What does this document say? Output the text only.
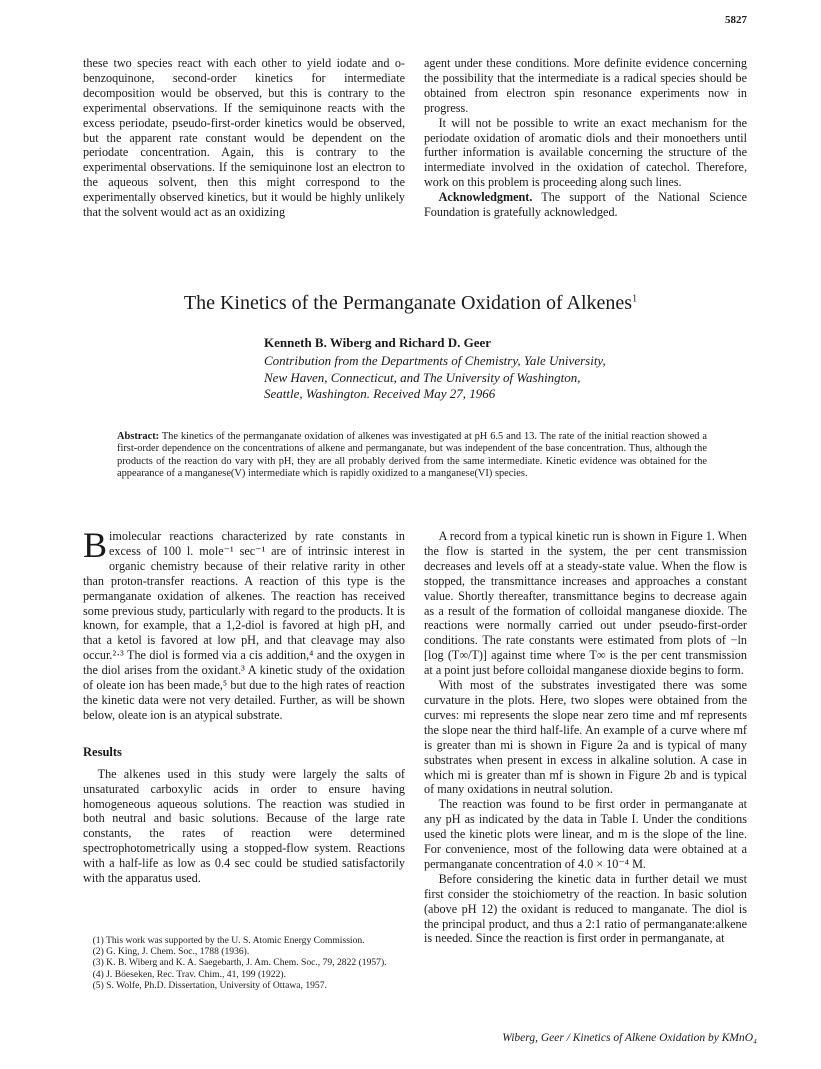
5827

these two species react with each other to yield iodate and o-benzoquinone, second-order kinetics for intermediate decomposition would be observed, but this is contrary to the experimental observations. If the semiquinone reacts with the excess periodate, pseudo-first-order kinetics would be observed, but the apparent rate constant would be dependent on the periodate concentration. Again, this is contrary to the experimental observations. If the semiquinone lost an electron to the aqueous solvent, then this might correspond to the experimentally observed kinetics, but it would be highly unlikely that the solvent would act as an oxidizing

agent under these conditions. More definite evidence concerning the possibility that the intermediate is a radical species should be obtained from electron spin resonance experiments now in progress.

It will not be possible to write an exact mechanism for the periodate oxidation of aromatic diols and their monoethers until further information is available concerning the structure of the intermediate involved in the oxidation of catechol. Therefore, work on this problem is proceeding along such lines.

Acknowledgment. The support of the National Science Foundation is gratefully acknowledged.

The Kinetics of the Permanganate Oxidation of Alkenes$^1$
Kenneth B. Wiberg and Richard D. Geer
Contribution from the Departments of Chemistry, Yale University,
New Haven, Connecticut, and The University of Washington,
Seattle, Washington. Received May 27, 1966

Abstract: The kinetics of the permanganate oxidation of alkenes was investigated at pH 6.5 and 13. The rate of the initial reaction showed a first-order dependence on the concentrations of alkene and permanganate, but was independent of the base concentration. Thus, although the products of the reaction do vary with pH, they are all probably derived from the same intermediate. Kinetic evidence was obtained for the appearance of a manganese(V) intermediate which is rapidly oxidized to a manganese(VI) species.

Bimolecular reactions characterized by rate constants in excess of 100 l. mole⁻¹ sec⁻¹ are of intrinsic interest in organic chemistry because of their relative rarity in other than proton-transfer reactions. A reaction of this type is the permanganate oxidation of alkenes. The reaction has received some previous study, particularly with regard to the products. It is known, for example, that a 1,2-diol is favored at high pH, and that a ketol is favored at low pH, and that cleavage may also occur.²·³ The diol is formed via a cis addition,⁴ and the oxygen in the diol arises from the oxidant.³ A kinetic study of the oxidation of oleate ion has been made,⁵ but due to the high rates of reaction the kinetic data were not very detailed. Further, as will be shown below, oleate ion is an atypical substrate.

Results

The alkenes used in this study were largely the salts of unsaturated carboxylic acids in order to ensure having homogeneous aqueous solutions. The reaction was studied in both neutral and basic solutions. Because of the large rate constants, the rates of reaction were determined spectrophotometrically using a stopped-flow system. Reactions with a half-life as low as 0.4 sec could be studied satisfactorily with the apparatus used.

(1) This work was supported by the U. S. Atomic Energy Commission.
(2) G. King, J. Chem. Soc., 1788 (1936).
(3) K. B. Wiberg and K. A. Saegebarth, J. Am. Chem. Soc., 79, 2822 (1957).
(4) J. Böeseken, Rec. Trav. Chim., 41, 199 (1922).
(5) S. Wolfe, Ph.D. Dissertation, University of Ottawa, 1957.

A record from a typical kinetic run is shown in Figure 1. When the flow is started in the system, the per cent transmission decreases and levels off at a steady-state value. When the flow is stopped, the transmittance increases and approaches a constant value. Shortly thereafter, transmittance begins to decrease again as a result of the formation of colloidal manganese dioxide. The reactions were normally carried out under pseudo-first-order conditions. The rate constants were estimated from plots of −ln [log (T∞/T)] against time where T∞ is the per cent transmission at a point just before colloidal manganese dioxide begins to form.

With most of the substrates investigated there was some curvature in the plots. Here, two slopes were obtained from the curves: mi represents the slope near zero time and mf represents the slope near the third half-life. An example of a curve where mf is greater than mi is shown in Figure 2a and is typical of many substrates when present in excess in alkaline solution. A case in which mi is greater than mf is shown in Figure 2b and is typical of many oxidations in neutral solution.

The reaction was found to be first order in permanganate at any pH as indicated by the data in Table I. Under the conditions used the kinetic plots were linear, and m is the slope of the line. For convenience, most of the following data were obtained at a permanganate concentration of 4.0 × 10⁻⁴ M.

Before considering the kinetic data in further detail we must first consider the stoichiometry of the reaction. In basic solution (above pH 12) the oxidant is reduced to manganate. The diol is the principal product, and thus a 2:1 ratio of permanganate:alkene is needed. Since the reaction is first order in permanganate, at

Wiberg, Geer / Kinetics of Alkene Oxidation by KMnO₄
